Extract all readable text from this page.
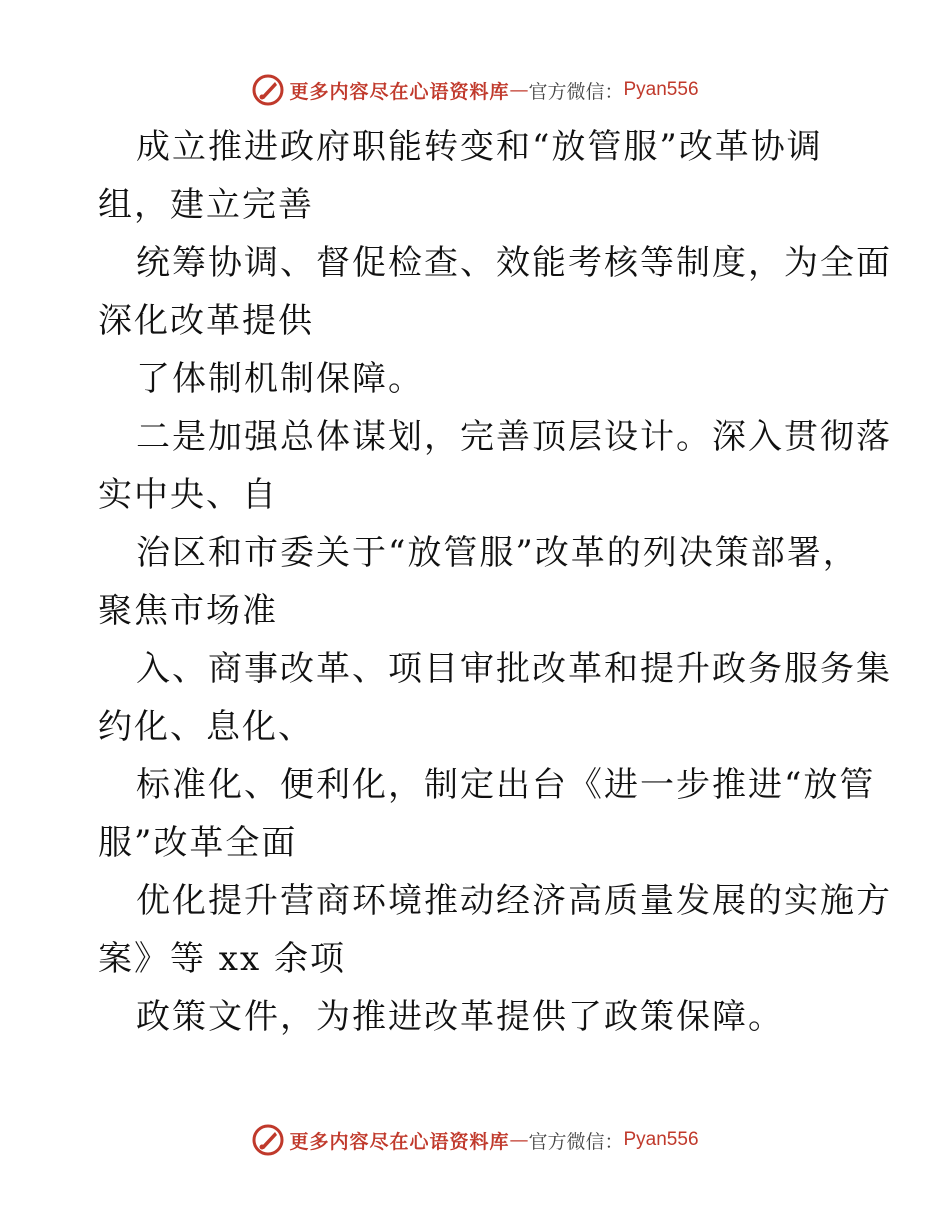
更多内容尽在心语资料库 — 官方微信： Pyan556
成立推进政府职能转变和“放管服”改革协调
组，建立完善
统筹协调、督促检查、效能考核等制度，为全面
深化改革提供
了体制机制保障。
二是加强总体谋划，完善顶层设计。深入贯彻落
实中央、自
治区和市委关于“放管服”改革的列决策部署，
聚焦市场准
入、商事改革、项目审批改革和提升政务服务集
约化、息化、
标准化、便利化，制定出台《进一步推进“放管
服”改革全面
优化提升营商环境推动经济高质量发展的实施方
案》等 xx 余项
政策文件，为推进改革提供了政策保障。
更多内容尽在心语资料库 — 官方微信： Pyan556
